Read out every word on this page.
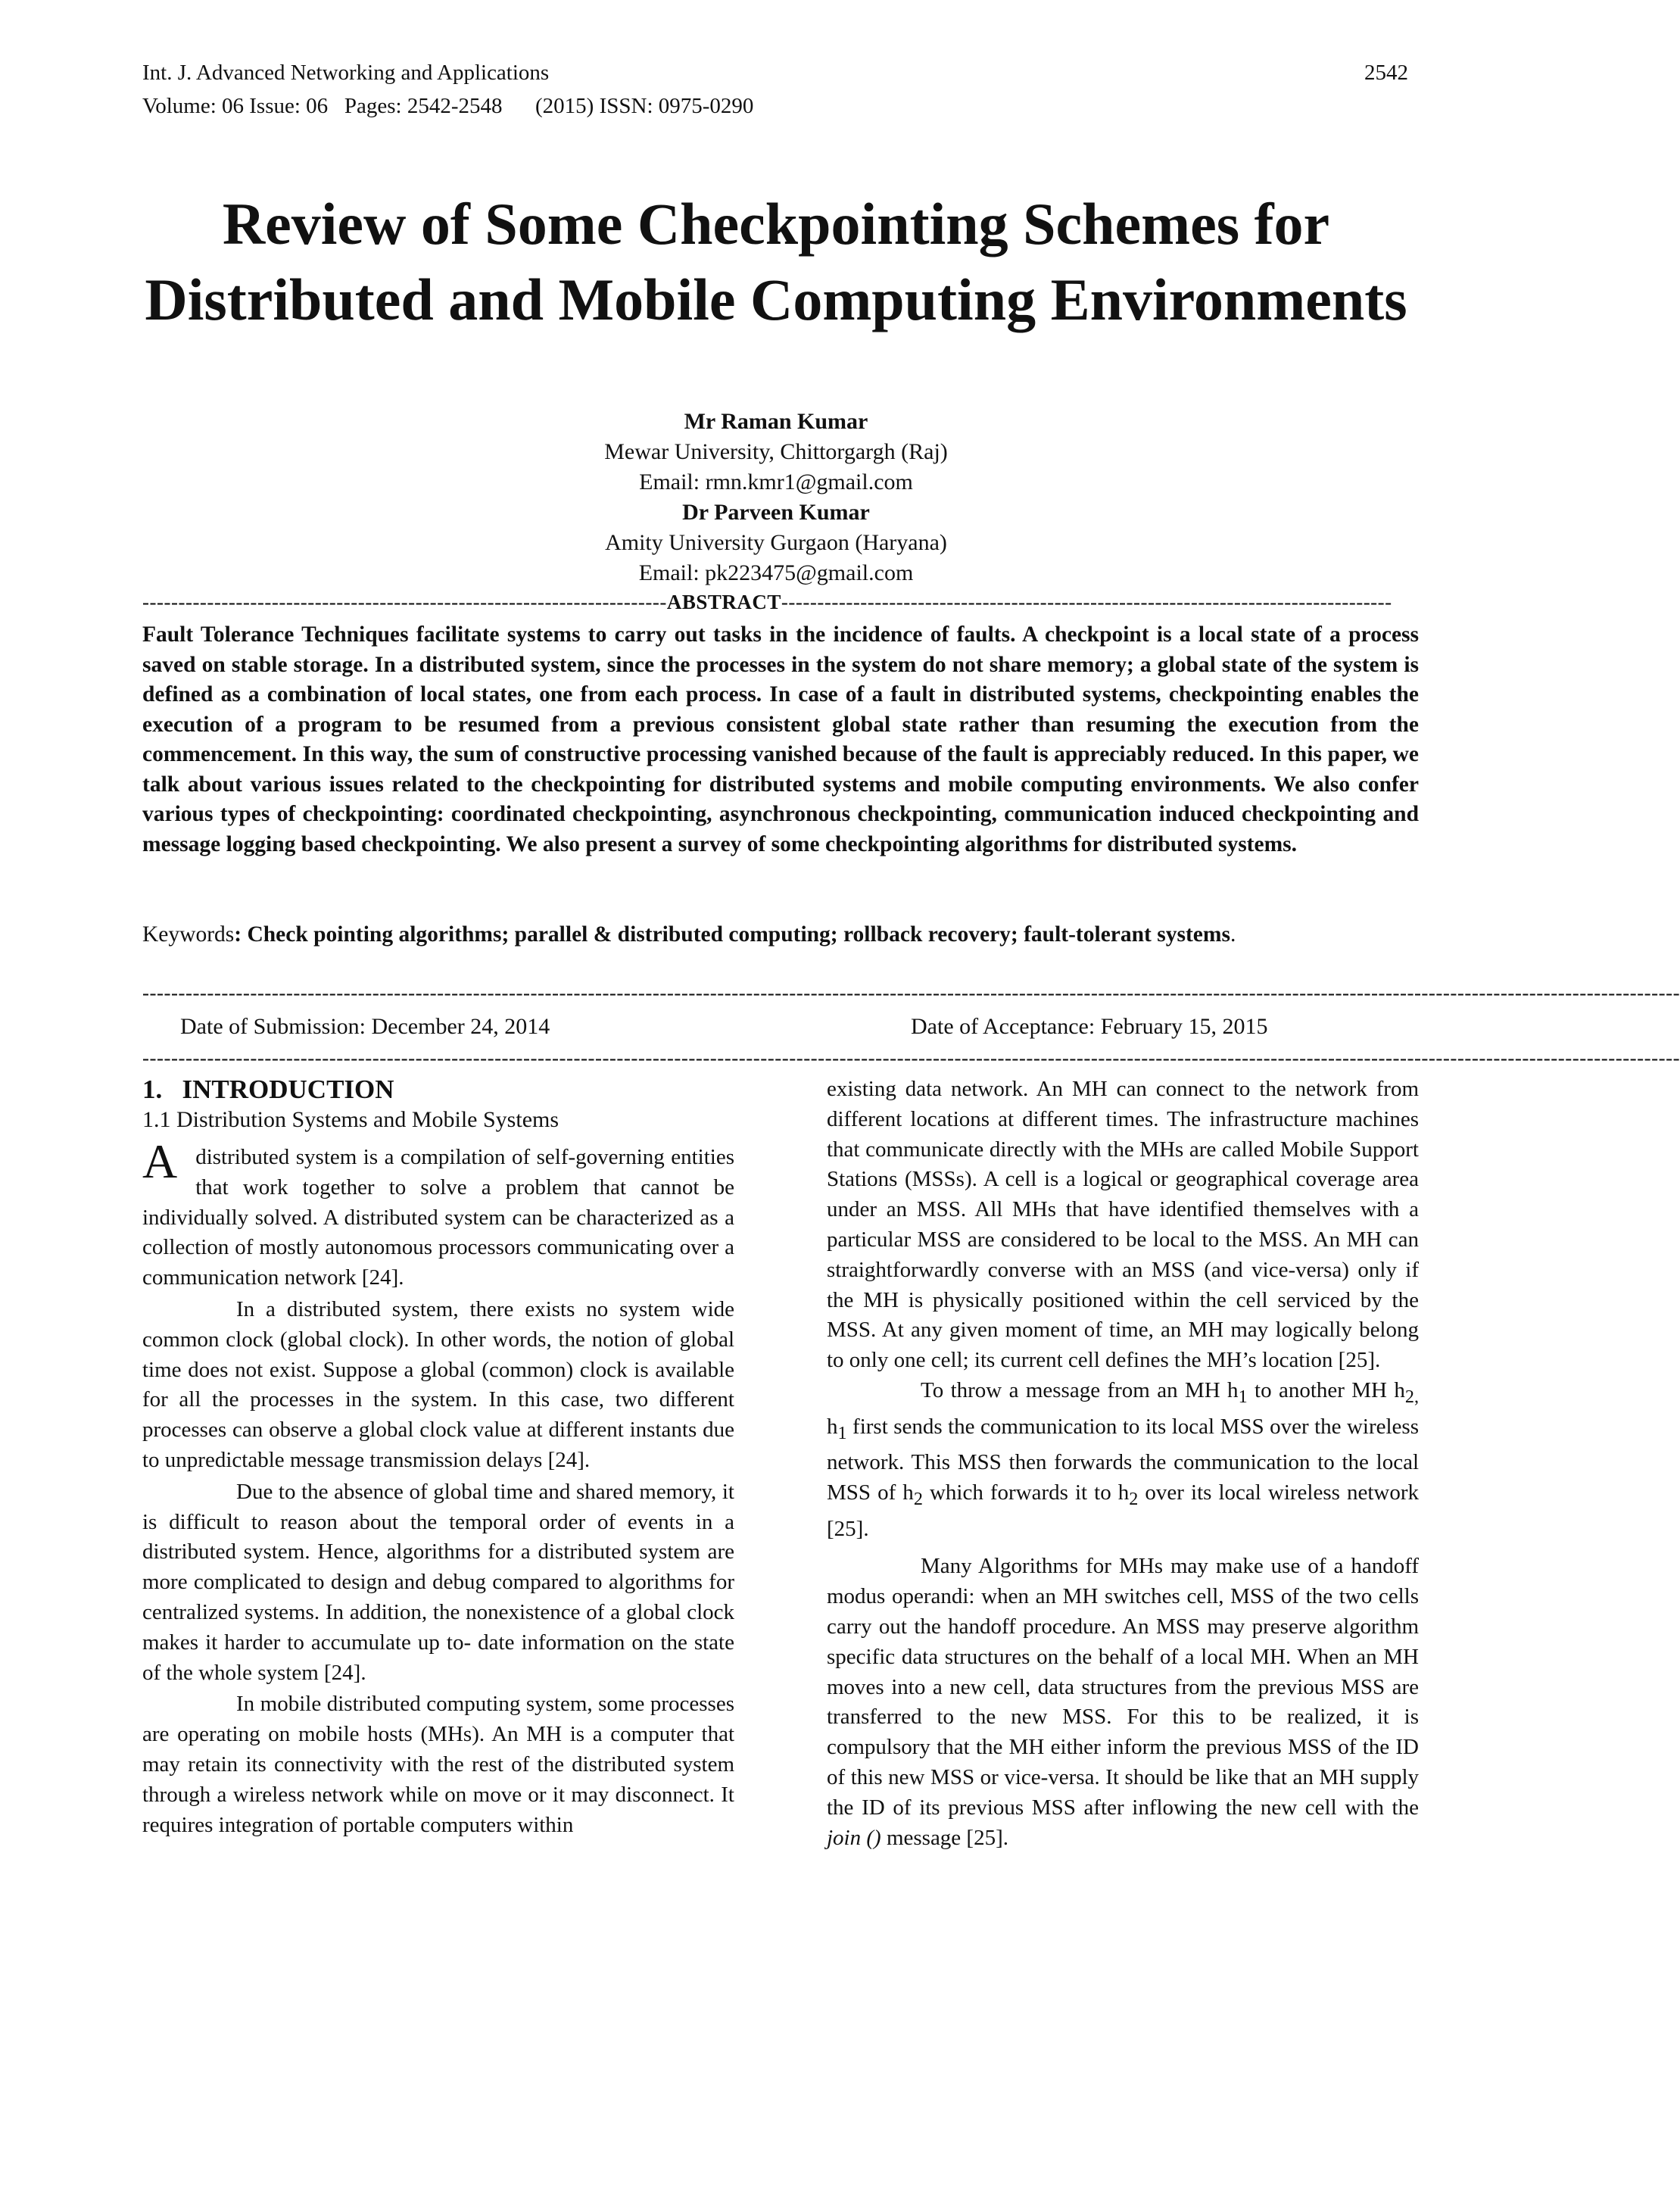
Int. J. Advanced Networking and Applications	2542
Volume: 06 Issue: 06   Pages: 2542-2548      (2015) ISSN: 0975-0290
Review of Some Checkpointing Schemes for Distributed and Mobile Computing Environments
Mr Raman Kumar
Mewar University, Chittorgargh (Raj)
Email: rmn.kmr1@gmail.com
Dr Parveen Kumar
Amity University Gurgaon (Haryana)
Email: pk223475@gmail.com
-------------------------------------------------------------------------ABSTRACT-------------------------------------------------------------------------------------
Fault Tolerance Techniques facilitate systems to carry out tasks in the incidence of faults. A checkpoint is a local state of a process saved on stable storage. In a distributed system, since the processes in the system do not share memory; a global state of the system is defined as a combination of local states, one from each process. In case of a fault in distributed systems, checkpointing enables the execution of a program to be resumed from a previous consistent global state rather than resuming the execution from the commencement. In this way, the sum of constructive processing vanished because of the fault is appreciably reduced. In this paper, we talk about various issues related to the checkpointing for distributed systems and mobile computing environments. We also confer various types of checkpointing: coordinated checkpointing, asynchronous checkpointing, communication induced checkpointing and message logging based checkpointing. We also present a survey of some checkpointing algorithms for distributed systems.
Keywords: Check pointing algorithms; parallel & distributed computing; rollback recovery; fault-tolerant systems.
----------------------------------------------------------------------------------------------------------------------------------------------------------------------------------------------------------------------
Date of Submission: December 24, 2014	Date of Acceptance: February 15, 2015
----------------------------------------------------------------------------------------------------------------------------------------------------------------------------------------------------------------------
1.   INTRODUCTION
1.1 Distribution Systems and Mobile Systems

Adistributed system is a compilation of self-governing entities that work together to solve a problem that cannot be individually solved. A distributed system can be characterized as a collection of mostly autonomous processors communicating over a communication network [24].

In a distributed system, there exists no system wide common clock (global clock). In other words, the notion of global time does not exist. Suppose a global (common) clock is available for all the processes in the system. In this case, two different processes can observe a global clock value at different instants due to unpredictable message transmission delays [24].

Due to the absence of global time and shared memory, it is difficult to reason about the temporal order of events in a distributed system. Hence, algorithms for a distributed system are more complicated to design and debug compared to algorithms for centralized systems. In addition, the nonexistence of a global clock makes it harder to accumulate up to- date information on the state of the whole system [24].

In mobile distributed computing system, some processes are operating on mobile hosts (MHs). An MH is a computer that may retain its connectivity with the rest of the distributed system through a wireless network while on move or it may disconnect. It requires integration of portable computers within

existing data network. An MH can connect to the network from different locations at different times. The infrastructure machines that communicate directly with the MHs are called Mobile Support Stations (MSSs). A cell is a logical or geographical coverage area under an MSS. All MHs that have identified themselves with a particular MSS are considered to be local to the MSS. An MH can straightforwardly converse with an MSS (and vice-versa) only if the MH is physically positioned within the cell serviced by the MSS. At any given moment of time, an MH may logically belong to only one cell; its current cell defines the MH’s location [25].

To throw a message from an MH $h_1$ to another MH $h_{2,}$ $h_1$ first sends the communication to its local MSS over the wireless network. This MSS then forwards the communication to the local MSS of $h_2$ which forwards it to $h_2$ over its local wireless network [25].

Many Algorithms for MHs may make use of a handoff modus operandi: when an MH switches cell, MSS of the two cells carry out the handoff procedure. An MSS may preserve algorithm specific data structures on the behalf of a local MH. When an MH moves into a new cell, data structures from the previous MSS are transferred to the new MSS. For this to be realized, it is compulsory that the MH either inform the previous MSS of the ID of this new MSS or vice-versa. It should be like that an MH supply the ID of its previous MSS after inflowing the new cell with the join () message [25].
